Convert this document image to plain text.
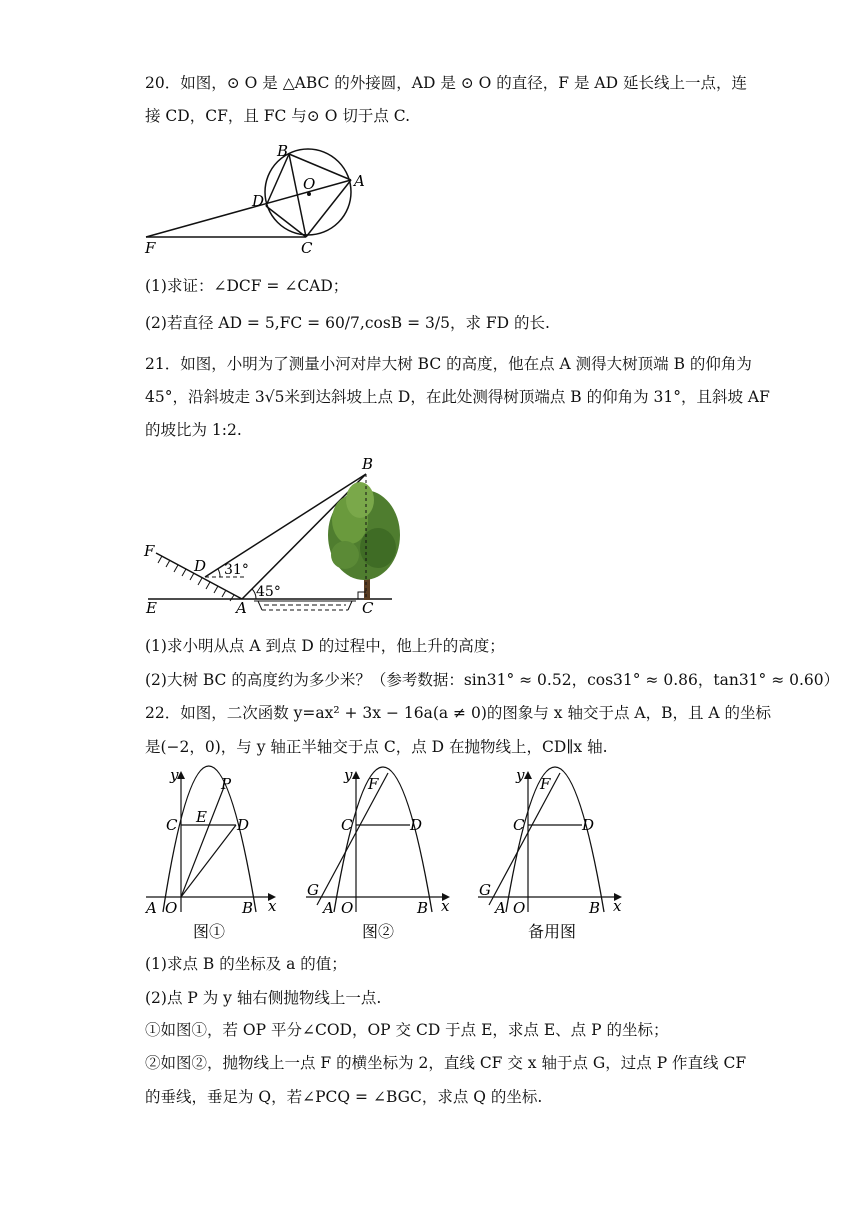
20．如图，⊙ O 是 △ABC 的外接圆，AD 是 ⊙ O 的直径，F 是 AD 延长线上一点，连
接 CD，CF，且 FC 与⊙ O 切于点 C.
B
O	A
D
F	C
(1)求证：∠DCF = ∠CAD；
(2)若直径 AD = 5,FC = 60/7,cosB = 3/5，求 FD 的长.
21．如图，小明为了测量小河对岸大树 BC 的高度，他在点 A 测得大树顶端 B 的仰角为
45°，沿斜坡走 3√5米到达斜坡上点 D，在此处测得树顶端点 B 的仰角为 31°，且斜坡 AF
的坡比为 1:2.
B
F
D 31°
45°
E	A	C
(1)求小明从点 A 到点 D 的过程中，他上升的高度；
(2)大树 BC 的高度约为多少米？（参考数据：sin31° ≈ 0.52，cos31° ≈ 0.86，tan31° ≈ 0.60）
22．如图，二次函数 y=ax² + 3x − 16a(a ≠ 0)的图象与 x 轴交于点 A，B，且 A 的坐标
是(−2，0)，与 y 轴正半轴交于点 C，点 D 在抛物线上，CD∥x 轴.
y	P
E
C	D
A O	B x
图①
y F
C	D
G
A O	B x
图②
y F
C	D
G
A O	B x
备用图
(1)求点 B 的坐标及 a 的值；
(2)点 P 为 y 轴右侧抛物线上一点.
①如图①，若 OP 平分∠COD，OP 交 CD 于点 E，求点 E、点 P 的坐标；
②如图②，抛物线上一点 F 的横坐标为 2，直线 CF 交 x 轴于点 G，过点 P 作直线 CF
的垂线，垂足为 Q，若∠PCQ = ∠BGC，求点 Q 的坐标.
